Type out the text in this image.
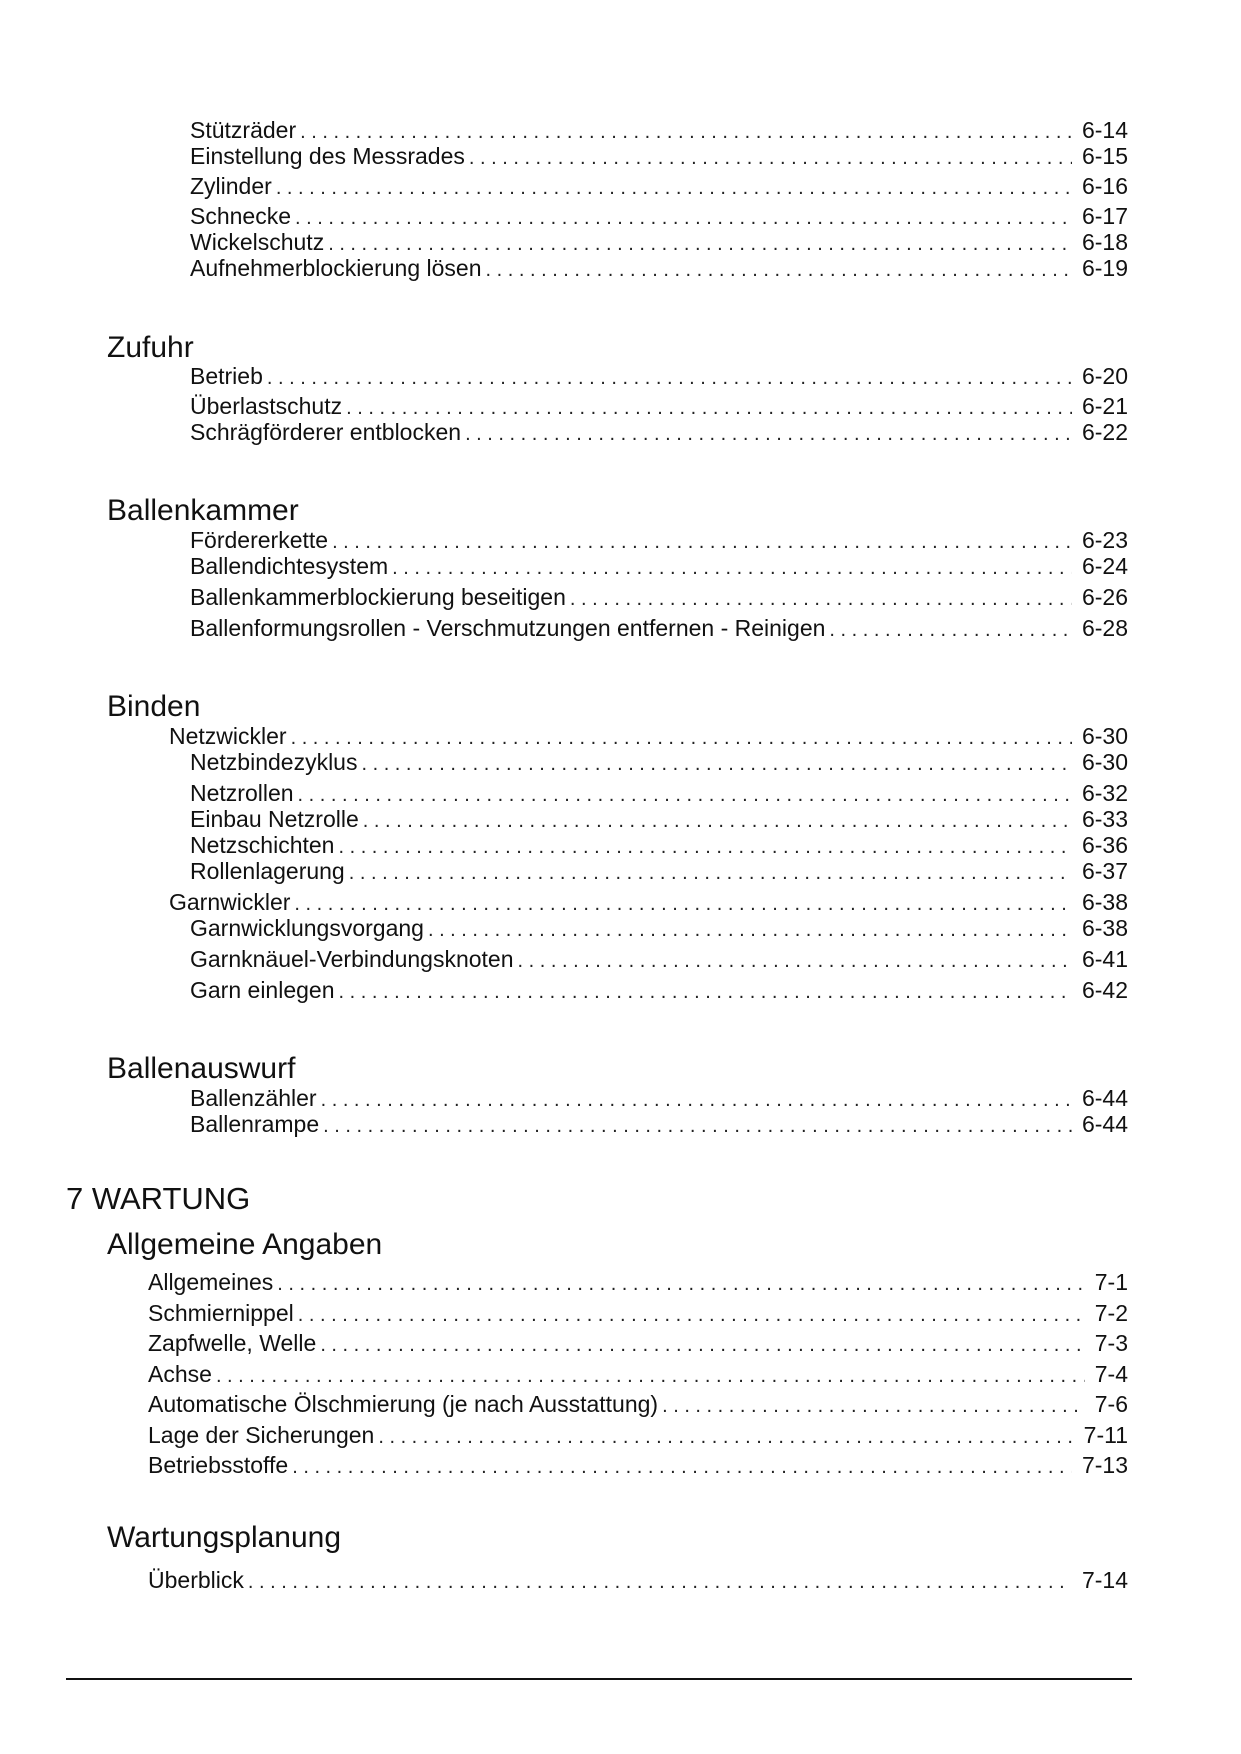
Stützräder . . .	6-14
Einstellung des Messrades . . .	6-15
Zylinder . . .	6-16
Schnecke . . .	6-17
Wickelschutz . . .	6-18
Aufnehmerblockierung lösen . . .	6-19
Zufuhr
Betrieb . . .	6-20
Überlastschutz . . .	6-21
Schrägförderer entblocken . . .	6-22
Ballenkammer
Fördererkette . . .	6-23
Ballendichtesystem . . .	6-24
Ballenkammerblockierung beseitigen . . .	6-26
Ballenformungsrollen - Verschmutzungen entfernen - Reinigen . . .	6-28
Binden
Netzwickler . . .	6-30
Netzbindezyklus . . .	6-30
Netzrollen . . .	6-32
Einbau Netzrolle . . .	6-33
Netzschichten . . .	6-36
Rollenlagerung . . .	6-37
Garnwickler . . .	6-38
Garnwicklungsvorgang . . .	6-38
Garnknäuel-Verbindungsknoten . . .	6-41
Garn einlegen . . .	6-42
Ballenauswurf
Ballenzähler . . .	6-44
Ballenrampe . . .	6-44
7 WARTUNG
Allgemeine Angaben
Allgemeines . . .	7-1
Schmiernippel . . .	7-2
Zapfwelle, Welle . . .	7-3
Achse . . .	7-4
Automatische Ölschmierung (je nach Ausstattung) . . .	7-6
Lage der Sicherungen . . .	7-11
Betriebsstoffe . . .	7-13
Wartungsplanung
Überblick . . .	7-14
